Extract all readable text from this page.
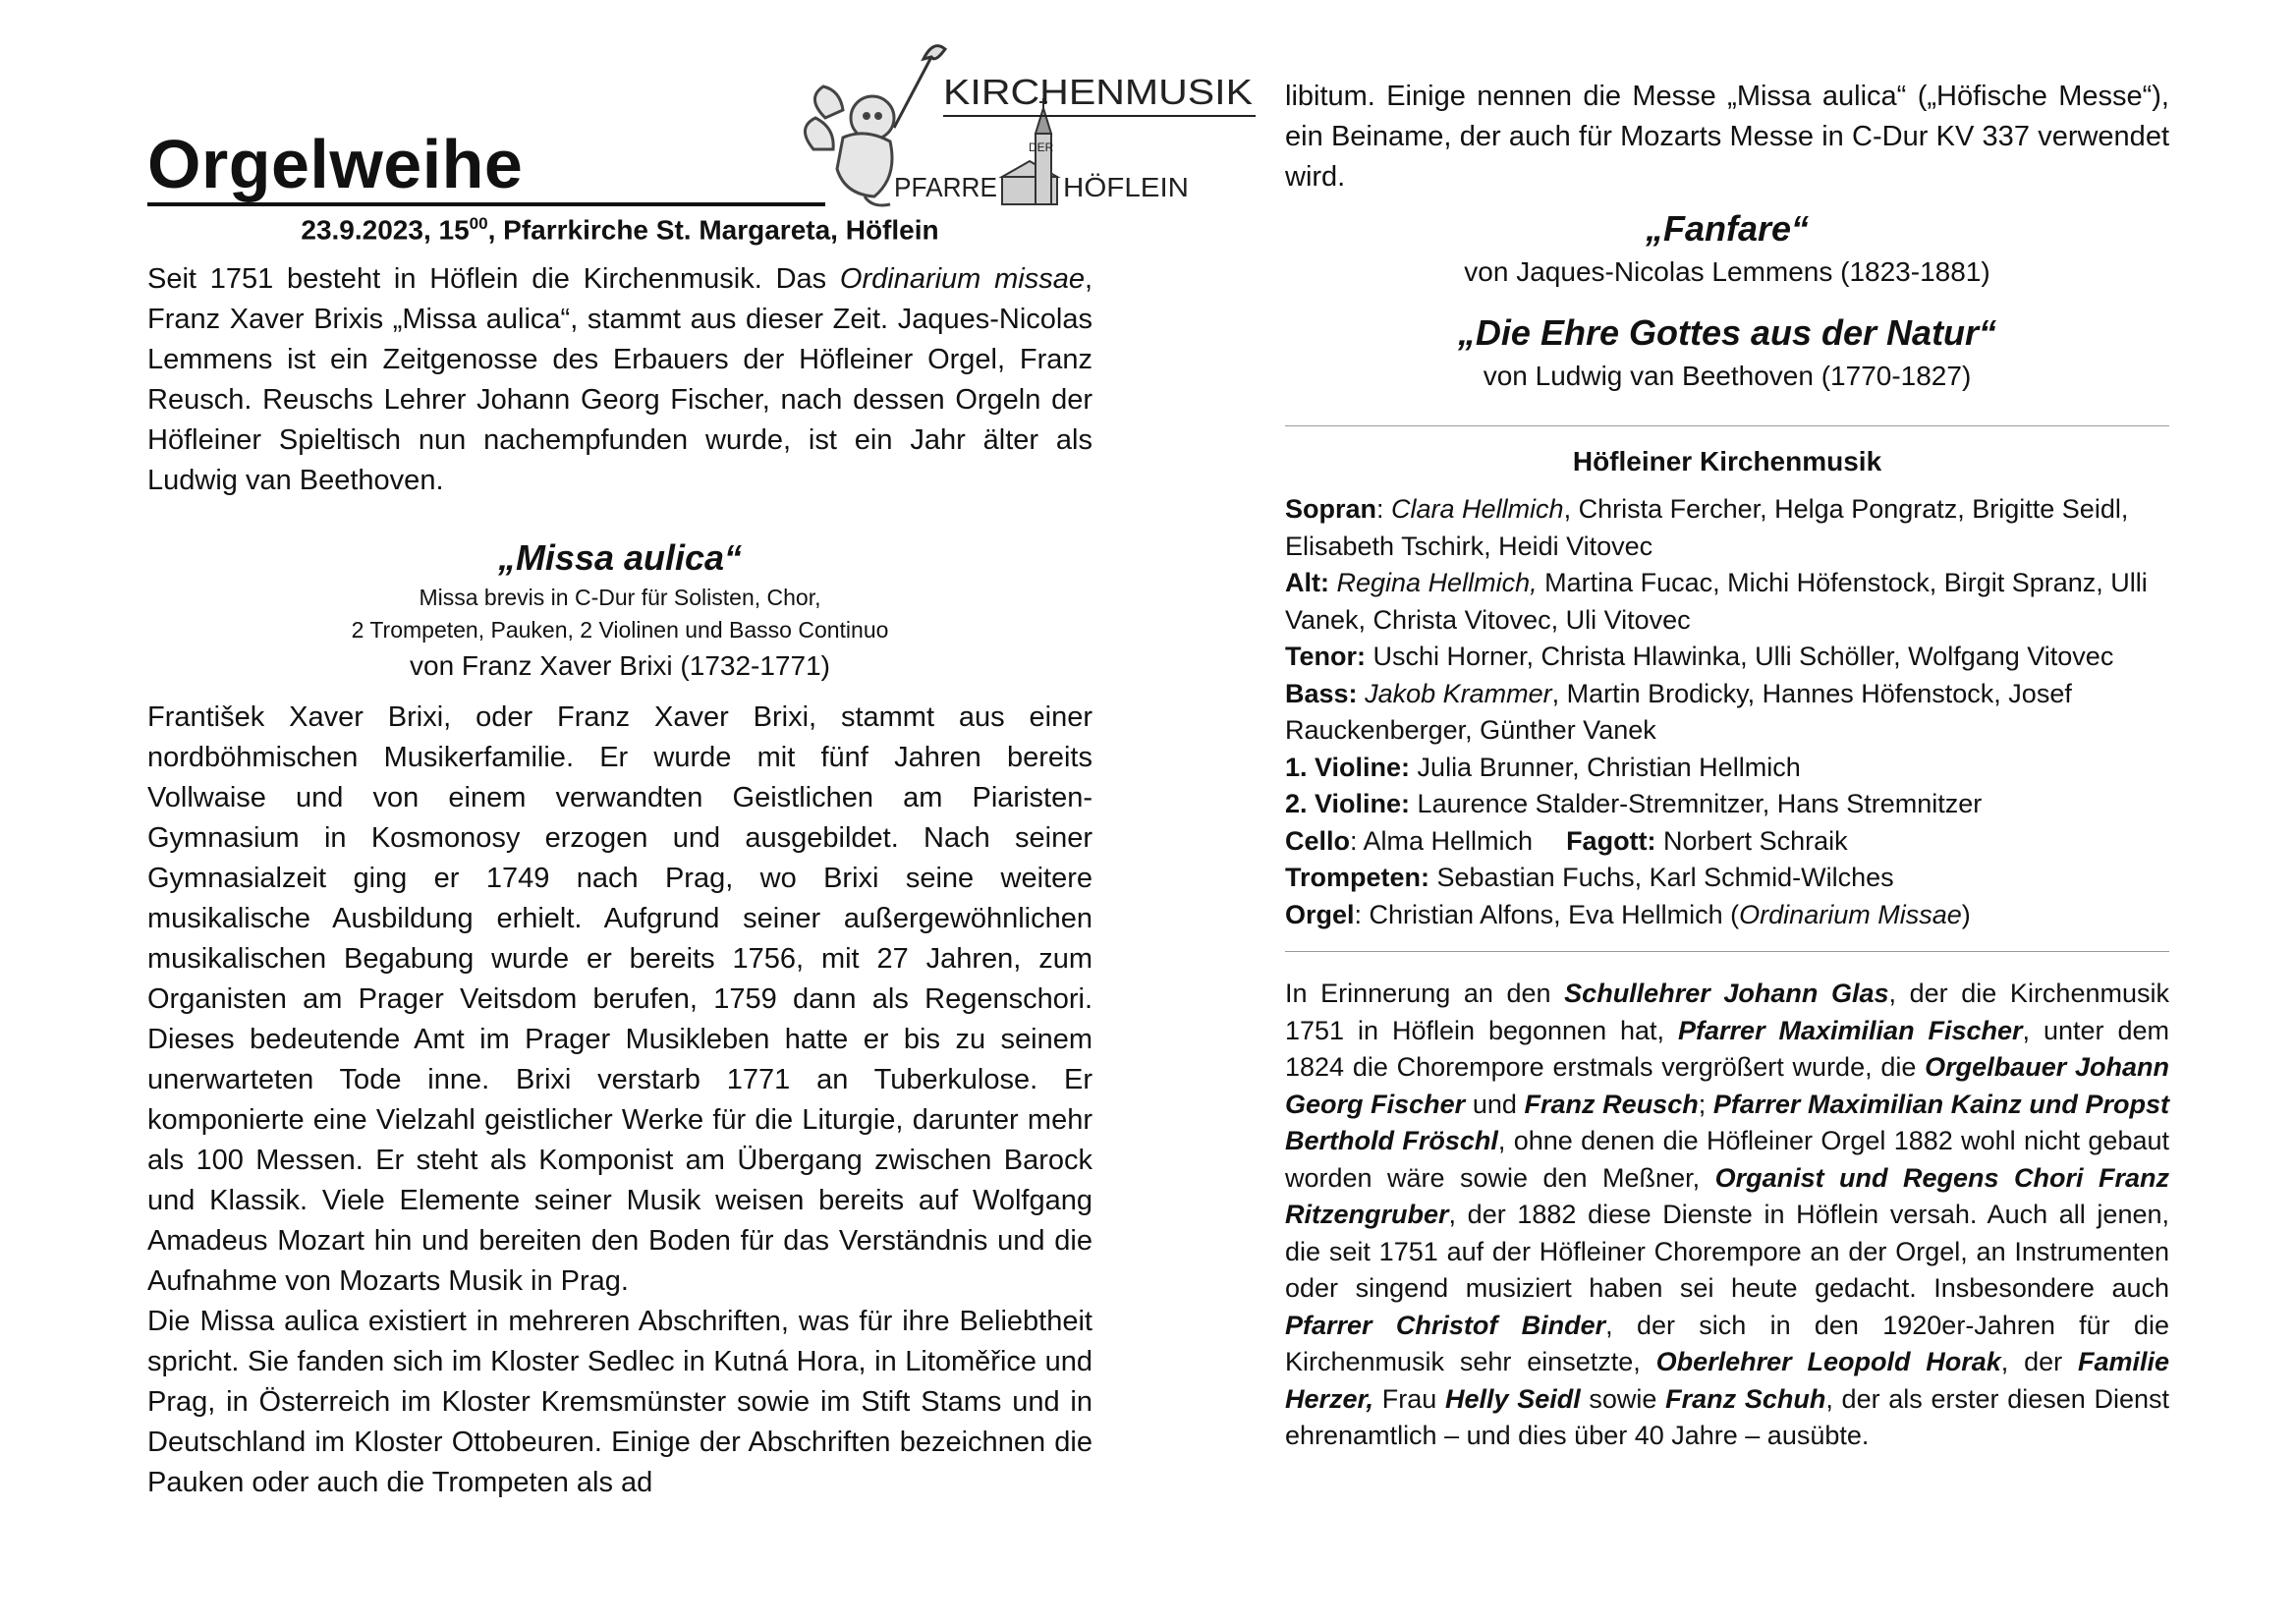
Orgelweihe
KIRCHENMUSIK
DER
PFARRE HÖFLEIN
23.9.2023, $15^{00}$, Pfarrkirche St. Margareta, Höflein

Seit 1751 besteht in Höflein die Kirchenmusik. Das Ordinarium missae, Franz Xaver Brixis „Missa aulica“, stammt aus dieser Zeit. Jaques-Nicolas Lemmens ist ein Zeitgenosse des Erbauers der Höfleiner Orgel, Franz Reusch. Reuschs Lehrer Johann Georg Fischer, nach dessen Orgeln der Höfleiner Spieltisch nun nachempfunden wurde, ist ein Jahr älter als Ludwig van Beethoven.

„Missa aulica“
Missa brevis in C-Dur für Solisten, Chor,
2 Trompeten, Pauken, 2 Violinen und Basso Continuo
von Franz Xaver Brixi (1732-1771)

František Xaver Brixi, oder Franz Xaver Brixi, stammt aus einer nordböhmischen Musikerfamilie. Er wurde mit fünf Jahren bereits Vollwaise und von einem verwandten Geistlichen am Piaristen-Gymnasium in Kosmonosy erzogen und ausgebildet. Nach seiner Gymnasialzeit ging er 1749 nach Prag, wo Brixi seine weitere musikalische Ausbildung erhielt. Aufgrund seiner außergewöhnlichen musikalischen Begabung wurde er bereits 1756, mit 27 Jahren, zum Organisten am Prager Veitsdom berufen, 1759 dann als Regenschori. Dieses bedeutende Amt im Prager Musikleben hatte er bis zu seinem unerwarteten Tode inne. Brixi verstarb 1771 an Tuberkulose. Er komponierte eine Vielzahl geistlicher Werke für die Liturgie, darunter mehr als 100 Messen. Er steht als Komponist am Übergang zwischen Barock und Klassik. Viele Elemente seiner Musik weisen bereits auf Wolfgang Amadeus Mozart hin und bereiten den Boden für das Verständnis und die Aufnahme von Mozarts Musik in Prag.

Die Missa aulica existiert in mehreren Abschriften, was für ihre Beliebtheit spricht. Sie fanden sich im Kloster Sedlec in Kutná Hora, in Litoměřice und Prag, in Österreich im Kloster Kremsmünster sowie im Stift Stams und in Deutschland im Kloster Ottobeuren. Einige der Abschriften bezeichnen die Pauken oder auch die Trompeten als ad

libitum. Einige nennen die Messe „Missa aulica“ („Höfische Messe“), ein Beiname, der auch für Mozarts Messe in C-Dur KV 337 verwendet wird.

„Fanfare“
von Jaques-Nicolas Lemmens (1823-1881)
„Die Ehre Gottes aus der Natur“
von Ludwig van Beethoven (1770-1827)
Höfleiner Kirchenmusik

Sopran: Clara Hellmich, Christa Fercher, Helga Pongratz, Brigitte Seidl, Elisabeth Tschirk, Heidi Vitovec

Alt: Regina Hellmich, Martina Fucac, Michi Höfenstock, Birgit Spranz, Ulli Vanek, Christa Vitovec, Uli Vitovec

Tenor: Uschi Horner, Christa Hlawinka, Ulli Schöller, Wolfgang Vitovec

Bass: Jakob Krammer, Martin Brodicky, Hannes Höfenstock, Josef Rauckenberger, Günther Vanek

1. Violine: Julia Brunner, Christian Hellmich

2. Violine: Laurence Stalder-Stremnitzer, Hans Stremnitzer

Cello: Alma Hellmich Fagott: Norbert Schraik

Trompeten: Sebastian Fuchs, Karl Schmid-Wilches

Orgel: Christian Alfons, Eva Hellmich (Ordinarium Missae)

In Erinnerung an den Schullehrer Johann Glas, der die Kirchenmusik 1751 in Höflein begonnen hat, Pfarrer Maximilian Fischer, unter dem 1824 die Chorempore erstmals vergrößert wurde, die Orgelbauer Johann Georg Fischer und Franz Reusch; Pfarrer Maximilian Kainz und Propst Berthold Fröschl, ohne denen die Höfleiner Orgel 1882 wohl nicht gebaut worden wäre sowie den Meßner, Organist und Regens Chori Franz Ritzengruber, der 1882 diese Dienste in Höflein versah. Auch all jenen, die seit 1751 auf der Höfleiner Chorempore an der Orgel, an Instrumenten oder singend musiziert haben sei heute gedacht. Insbesondere auch Pfarrer Christof Binder, der sich in den 1920er-Jahren für die Kirchenmusik sehr einsetzte, Oberlehrer Leopold Horak, der Familie Herzer, Frau Helly Seidl sowie Franz Schuh, der als erster diesen Dienst ehrenamtlich – und dies über 40 Jahre – ausübte.
